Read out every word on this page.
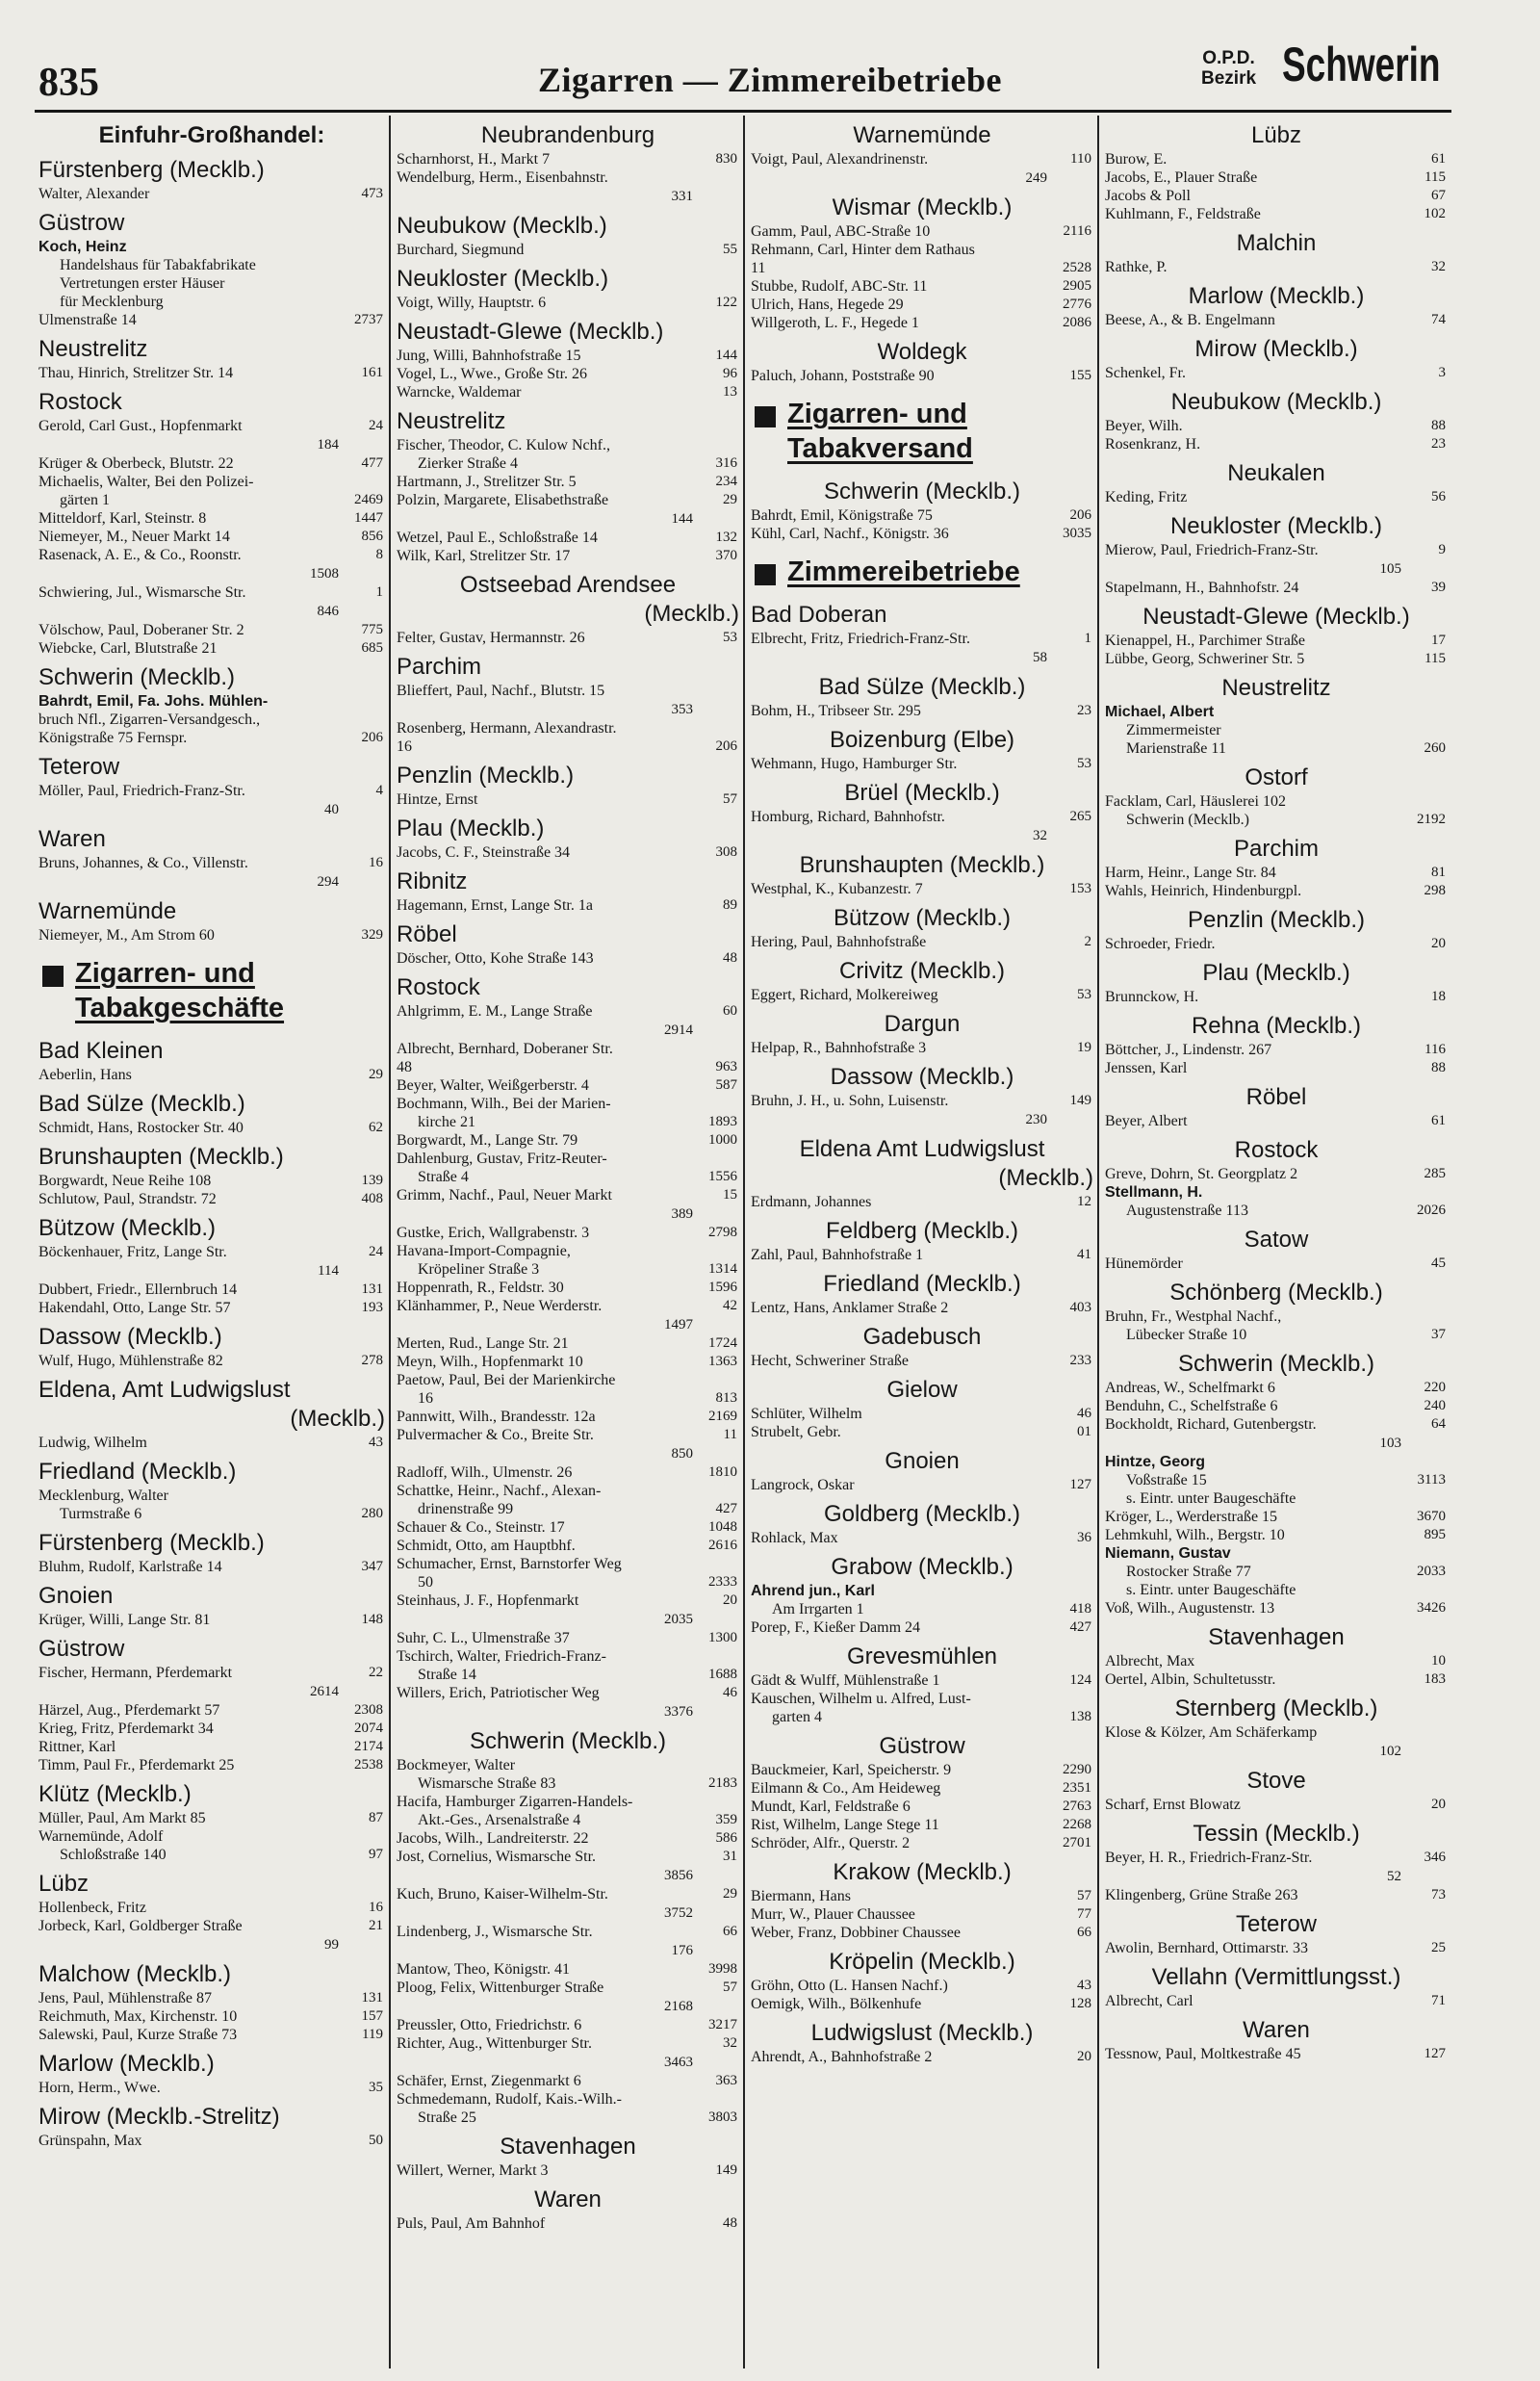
835	Zigarren — Zimmereibetriebe
O.P.D.
Bezirk Schwerin
Einfuhr-Großhandel:
Fürstenberg (Mecklb.)
Walter, Alexander	473
Güstrow
Koch, Heinz
Handelshaus für Tabakfabrikate
Vertretungen erster Häuser
für Mecklenburg
Ulmenstraße 14	2737
Neustrelitz
Thau, Hinrich, Strelitzer Str. 14	161
Rostock
Gerold, Carl Gust., Hopfenmarkt	24
184
Krüger & Oberbeck, Blutstr. 22	477
Michaelis, Walter, Bei den Polizei-
gärten 1	2469
Mitteldorf, Karl, Steinstr. 8	1447
Niemeyer, M., Neuer Markt 14	856
Rasenack, A. E., & Co., Roonstr.	8
1508
Schwiering, Jul., Wismarsche Str.	1
846
Völschow, Paul, Doberaner Str. 2	775
Wiebcke, Carl, Blutstraße 21	685
Schwerin (Mecklb.)
Bahrdt, Emil, Fa. Johs. Mühlen-
bruch Nfl., Zigarren-Versandgesch.,
Königstraße 75 Fernspr.	206
Teterow
Möller, Paul, Friedrich-Franz-Str.	4
40
Waren
Bruns, Johannes, & Co., Villenstr.	16
294
Warnemünde
Niemeyer, M., Am Strom 60	329
Zigarren- und
Tabakgeschäfte
Bad Kleinen
Aeberlin, Hans	29
Bad Sülze (Mecklb.)
Schmidt, Hans, Rostocker Str. 40	62
Brunshaupten (Mecklb.)
Borgwardt, Neue Reihe 108	139
Schlutow, Paul, Strandstr. 72	408
Bützow (Mecklb.)
Böckenhauer, Fritz, Lange Str.	24
114
Dubbert, Friedr., Ellernbruch 14	131
Hakendahl, Otto, Lange Str. 57	193
Dassow (Mecklb.)
Wulf, Hugo, Mühlenstraße 82	278
Eldena, Amt Ludwigslust
(Mecklb.)
Ludwig, Wilhelm	43
Friedland (Mecklb.)
Mecklenburg, Walter
Turmstraße 6	280
Fürstenberg (Mecklb.)
Bluhm, Rudolf, Karlstraße 14	347
Gnoien
Krüger, Willi, Lange Str. 81	148
Güstrow
Fischer, Hermann, Pferdemarkt	22
2614
Härzel, Aug., Pferdemarkt 57	2308
Krieg, Fritz, Pferdemarkt 34	2074
Rittner, Karl	2174
Timm, Paul Fr., Pferdemarkt 25	2538
Klütz (Mecklb.)
Müller, Paul, Am Markt 85	87
Warnemünde, Adolf
Schloßstraße 140	97
Lübz
Hollenbeck, Fritz	16
Jorbeck, Karl, Goldberger Straße	21
99
Malchow (Mecklb.)
Jens, Paul, Mühlenstraße 87	131
Reichmuth, Max, Kirchenstr. 10	157
Salewski, Paul, Kurze Straße 73	119
Marlow (Mecklb.)
Horn, Herm., Wwe.	35
Mirow (Mecklb.-Strelitz)
Grünspahn, Max	50
Neubrandenburg
Scharnhorst, H., Markt 7	830
Wendelburg, Herm., Eisenbahnstr.
331
Neubukow (Mecklb.)
Burchard, Siegmund	55
Neukloster (Mecklb.)
Voigt, Willy, Hauptstr. 6	122
Neustadt-Glewe (Mecklb.)
Jung, Willi, Bahnhofstraße 15	144
Vogel, L., Wwe., Große Str. 26	96
Warncke, Waldemar	13
Neustrelitz
Fischer, Theodor, C. Kulow Nchf.,
Zierker Straße 4	316
Hartmann, J., Strelitzer Str. 5	234
Polzin, Margarete, Elisabethstraße	29
144
Wetzel, Paul E., Schloßstraße 14	132
Wilk, Karl, Strelitzer Str. 17	370
Ostseebad Arendsee
(Mecklb.)
Felter, Gustav, Hermannstr. 26	53
Parchim
Blieffert, Paul, Nachf., Blutstr. 15
353
Rosenberg, Hermann, Alexandrastr.
16	206
Penzlin (Mecklb.)
Hintze, Ernst	57
Plau (Mecklb.)
Jacobs, C. F., Steinstraße 34	308
Ribnitz
Hagemann, Ernst, Lange Str. 1a	89
Röbel
Döscher, Otto, Kohe Straße 143	48
Rostock
Ahlgrimm, E. M., Lange Straße	60
2914
Albrecht, Bernhard, Doberaner Str.
48	963
Beyer, Walter, Weißgerberstr. 4	587
Bochmann, Wilh., Bei der Marien-
kirche 21	1893
Borgwardt, M., Lange Str. 79	1000
Dahlenburg, Gustav, Fritz-Reuter-
Straße 4	1556
Grimm, Nachf., Paul, Neuer Markt	15
389
Gustke, Erich, Wallgrabenstr. 3	2798
Havana-Import-Compagnie,
Kröpeliner Straße 3	1314
Hoppenrath, R., Feldstr. 30	1596
Klänhammer, P., Neue Werderstr.	42
1497
Merten, Rud., Lange Str. 21	1724
Meyn, Wilh., Hopfenmarkt 10	1363
Paetow, Paul, Bei der Marienkirche
16	813
Pannwitt, Wilh., Brandesstr. 12a	2169
Pulvermacher & Co., Breite Str.	11
850
Radloff, Wilh., Ulmenstr. 26	1810
Schattke, Heinr., Nachf., Alexan-
drinenstraße 99	427
Schauer & Co., Steinstr. 17	1048
Schmidt, Otto, am Hauptbhf.	2616
Schumacher, Ernst, Barnstorfer Weg
50	2333
Steinhaus, J. F., Hopfenmarkt	20
2035
Suhr, C. L., Ulmenstraße 37	1300
Tschirch, Walter, Friedrich-Franz-
Straße 14	1688
Willers, Erich, Patriotischer Weg	46
3376
Schwerin (Mecklb.)
Bockmeyer, Walter
Wismarsche Straße 83	2183
Hacifa, Hamburger Zigarren-Handels-
Akt.-Ges., Arsenalstraße 4	359
Jacobs, Wilh., Landreiterstr. 22	586
Jost, Cornelius, Wismarsche Str.	31
3856
Kuch, Bruno, Kaiser-Wilhelm-Str.	29
3752
Lindenberg, J., Wismarsche Str.	66
176
Mantow, Theo, Königstr. 41	3998
Ploog, Felix, Wittenburger Straße	57
2168
Preussler, Otto, Friedrichstr. 6	3217
Richter, Aug., Wittenburger Str.	32
3463
Schäfer, Ernst, Ziegenmarkt 6	363
Schmedemann, Rudolf, Kais.-Wilh.-
Straße 25	3803
Stavenhagen
Willert, Werner, Markt 3	149
Waren
Puls, Paul, Am Bahnhof	48
Warnemünde
Voigt, Paul, Alexandrinenstr.	110
249
Wismar (Mecklb.)
Gamm, Paul, ABC-Straße 10	2116
Rehmann, Carl, Hinter dem Rathaus
11	2528
Stubbe, Rudolf, ABC-Str. 11	2905
Ulrich, Hans, Hegede 29	2776
Willgeroth, L. F., Hegede 1	2086
Woldegk
Paluch, Johann, Poststraße 90	155
Zigarren- und
Tabakversand
Schwerin (Mecklb.)
Bahrdt, Emil, Königstraße 75	206
Kühl, Carl, Nachf., Königstr. 36	3035
Zimmereibetriebe
Bad Doberan
Elbrecht, Fritz, Friedrich-Franz-Str.	1
58
Bad Sülze (Mecklb.)
Bohm, H., Tribseer Str. 295	23
Boizenburg (Elbe)
Wehmann, Hugo, Hamburger Str.	53
Brüel (Mecklb.)
Homburg, Richard, Bahnhofstr.	265
32
Brunshaupten (Mecklb.)
Westphal, K., Kubanzestr. 7	153
Bützow (Mecklb.)
Hering, Paul, Bahnhofstraße	2
Crivitz (Mecklb.)
Eggert, Richard, Molkereiweg	53
Dargun
Helpap, R., Bahnhofstraße 3	19
Dassow (Mecklb.)
Bruhn, J. H., u. Sohn, Luisenstr.	149
230
Eldena Amt Ludwigslust
(Mecklb.)
Erdmann, Johannes	12
Feldberg (Mecklb.)
Zahl, Paul, Bahnhofstraße 1	41
Friedland (Mecklb.)
Lentz, Hans, Anklamer Straße 2	403
Gadebusch
Hecht, Schweriner Straße	233
Gielow
Schlüter, Wilhelm	46
Strubelt, Gebr.	01
Gnoien
Langrock, Oskar	127
Goldberg (Mecklb.)
Rohlack, Max	36
Grabow (Mecklb.)
Ahrend jun., Karl
Am Irrgarten 1	418
Porep, F., Kießer Damm 24	427
Grevesmühlen
Gädt & Wulff, Mühlenstraße 1	124
Kauschen, Wilhelm u. Alfred, Lust-
garten 4	138
Güstrow
Bauckmeier, Karl, Speicherstr. 9	2290
Eilmann & Co., Am Heideweg	2351
Mundt, Karl, Feldstraße 6	2763
Rist, Wilhelm, Lange Stege 11	2268
Schröder, Alfr., Querstr. 2	2701
Krakow (Mecklb.)
Biermann, Hans	57
Murr, W., Plauer Chaussee	77
Weber, Franz, Dobbiner Chaussee	66
Kröpelin (Mecklb.)
Gröhn, Otto (L. Hansen Nachf.)	43
Oemigk, Wilh., Bölkenhufe	128
Ludwigslust (Mecklb.)
Ahrendt, A., Bahnhofstraße 2	20
Lübz
Burow, E.	61
Jacobs, E., Plauer Straße	115
Jacobs & Poll	67
Kuhlmann, F., Feldstraße	102
Malchin
Rathke, P.	32
Marlow (Mecklb.)
Beese, A., & B. Engelmann	74
Mirow (Mecklb.)
Schenkel, Fr.	3
Neubukow (Mecklb.)
Beyer, Wilh.	88
Rosenkranz, H.	23
Neukalen
Keding, Fritz	56
Neukloster (Mecklb.)
Mierow, Paul, Friedrich-Franz-Str.	9
105
Stapelmann, H., Bahnhofstr. 24	39
Neustadt-Glewe (Mecklb.)
Kienappel, H., Parchimer Straße	17
Lübbe, Georg, Schweriner Str. 5	115
Neustrelitz
Michael, Albert
Zimmermeister
Marienstraße 11	260
Ostorf
Facklam, Carl, Häuslerei 102
Schwerin (Mecklb.)	2192
Parchim
Harm, Heinr., Lange Str. 84	81
Wahls, Heinrich, Hindenburgpl.	298
Penzlin (Mecklb.)
Schroeder, Friedr.	20
Plau (Mecklb.)
Brunnckow, H.	18
Rehna (Mecklb.)
Böttcher, J., Lindenstr. 267	116
Jenssen, Karl	88
Röbel
Beyer, Albert	61
Rostock
Greve, Dohrn, St. Georgplatz 2	285
Stellmann, H.
Augustenstraße 113	2026
Satow
Hünemörder	45
Schönberg (Mecklb.)
Bruhn, Fr., Westphal Nachf.,
Lübecker Straße 10	37
Schwerin (Mecklb.)
Andreas, W., Schelfmarkt 6	220
Benduhn, C., Schelfstraße 6	240
Bockholdt, Richard, Gutenbergstr.	64
103
Hintze, Georg
Voßstraße 15	3113
s. Eintr. unter Baugeschäfte
Kröger, L., Werderstraße 15	3670
Lehmkuhl, Wilh., Bergstr. 10	895
Niemann, Gustav
Rostocker Straße 77	2033
s. Eintr. unter Baugeschäfte
Voß, Wilh., Augustenstr. 13	3426
Stavenhagen
Albrecht, Max	10
Oertel, Albin, Schultetusstr.	183
Sternberg (Mecklb.)
Klose & Kölzer, Am Schäferkamp
102
Stove
Scharf, Ernst Blowatz	20
Tessin (Mecklb.)
Beyer, H. R., Friedrich-Franz-Str.	346
52
Klingenberg, Grüne Straße 263	73
Teterow
Awolin, Bernhard, Ottimarstr. 33	25
Vellahn (Vermittlungsst.)
Albrecht, Carl	71
Waren
Tessnow, Paul, Moltkestraße 45	127
